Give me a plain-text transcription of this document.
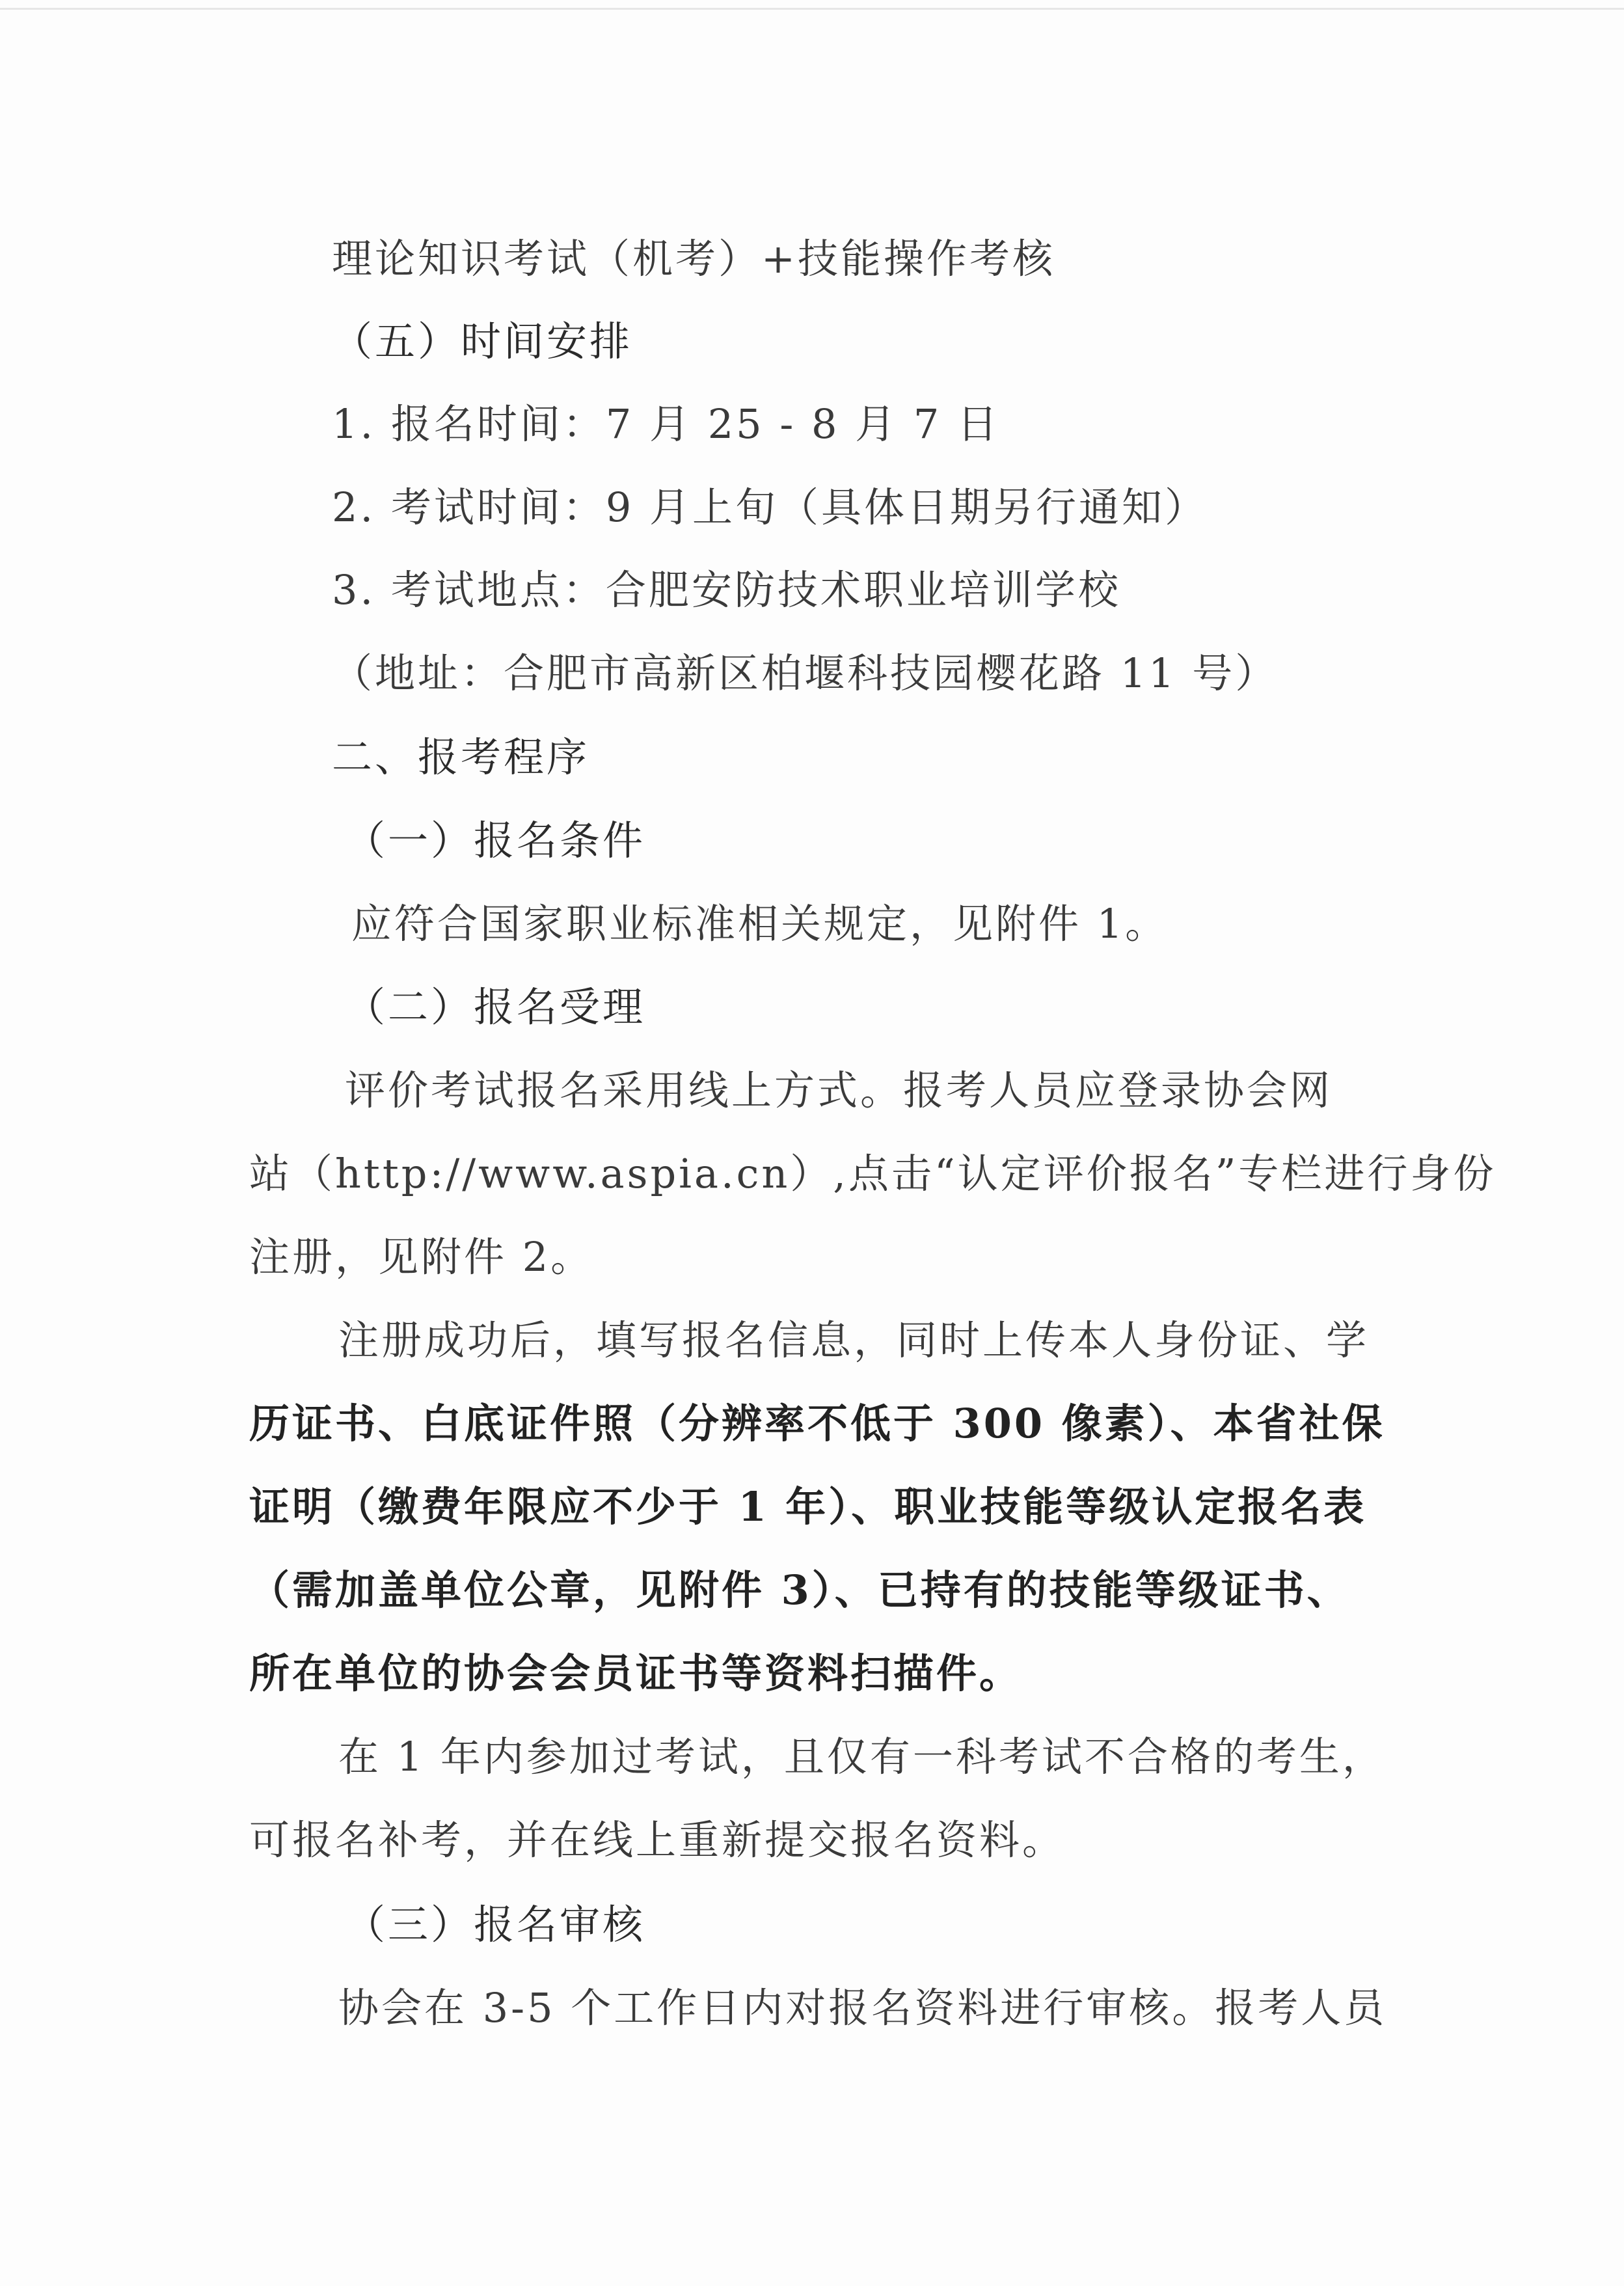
理论知识考试（机考）+技能操作考核
（五）时间安排
1. 报名时间：7 月 25 - 8 月 7 日
2. 考试时间：9 月上旬（具体日期另行通知）
3. 考试地点：合肥安防技术职业培训学校
（地址：合肥市高新区柏堰科技园樱花路 11 号）
二、报考程序
（一）报名条件
应符合国家职业标准相关规定，见附件 1。
（二）报名受理
评价考试报名采用线上方式。报考人员应登录协会网
站（http://www.aspia.cn）,点击“认定评价报名”专栏进行身份
注册，见附件 2。
注册成功后，填写报名信息，同时上传本人身份证、学
历证书、白底证件照（分辨率不低于 300 像素）、本省社保
证明（缴费年限应不少于 1 年）、职业技能等级认定报名表
（需加盖单位公章，见附件 3）、已持有的技能等级证书、
所在单位的协会会员证书等资料扫描件。
在 1 年内参加过考试，且仅有一科考试不合格的考生，
可报名补考，并在线上重新提交报名资料。
（三）报名审核
协会在 3-5 个工作日内对报名资料进行审核。报考人员
